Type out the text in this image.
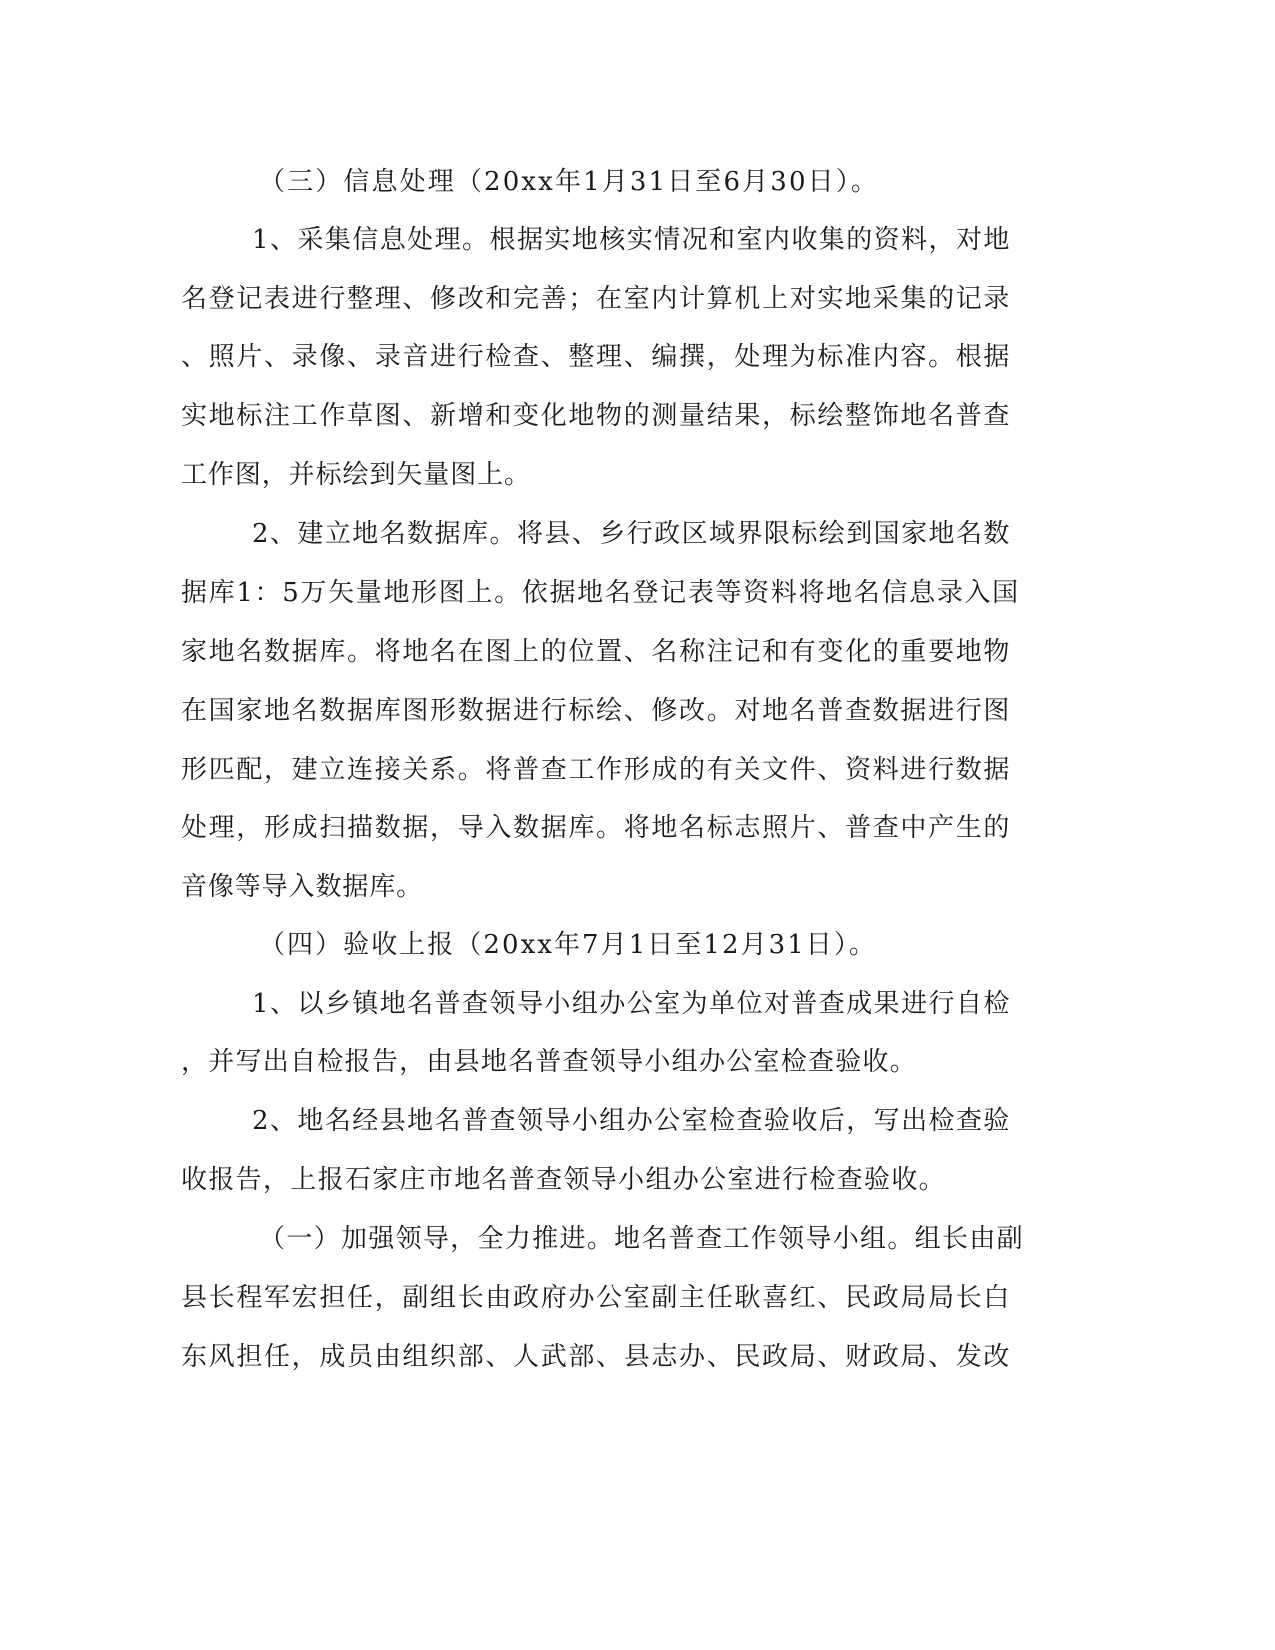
（三）信息处理（20xx年1月31日至6月30日）。
1、采集信息处理。根据实地核实情况和室内收集的资料，对地
名登记表进行整理、修改和完善；在室内计算机上对实地采集的记录
、照片、录像、录音进行检查、整理、编撰，处理为标准内容。根据
实地标注工作草图、新增和变化地物的测量结果，标绘整饰地名普查
工作图，并标绘到矢量图上。
2、建立地名数据库。将县、乡行政区域界限标绘到国家地名数
据库1：5万矢量地形图上。依据地名登记表等资料将地名信息录入国
家地名数据库。将地名在图上的位置、名称注记和有变化的重要地物
在国家地名数据库图形数据进行标绘、修改。对地名普查数据进行图
形匹配，建立连接关系。将普查工作形成的有关文件、资料进行数据
处理，形成扫描数据，导入数据库。将地名标志照片、普查中产生的
音像等导入数据库。
（四）验收上报（20xx年7月1日至12月31日）。
1、以乡镇地名普查领导小组办公室为单位对普查成果进行自检
，并写出自检报告，由县地名普查领导小组办公室检查验收。
2、地名经县地名普查领导小组办公室检查验收后，写出检查验
收报告，上报石家庄市地名普查领导小组办公室进行检查验收。
（一）加强领导，全力推进。地名普查工作领导小组。组长由副
县长程军宏担任，副组长由政府办公室副主任耿喜红、民政局局长白
东风担任，成员由组织部、人武部、县志办、民政局、财政局、发改
